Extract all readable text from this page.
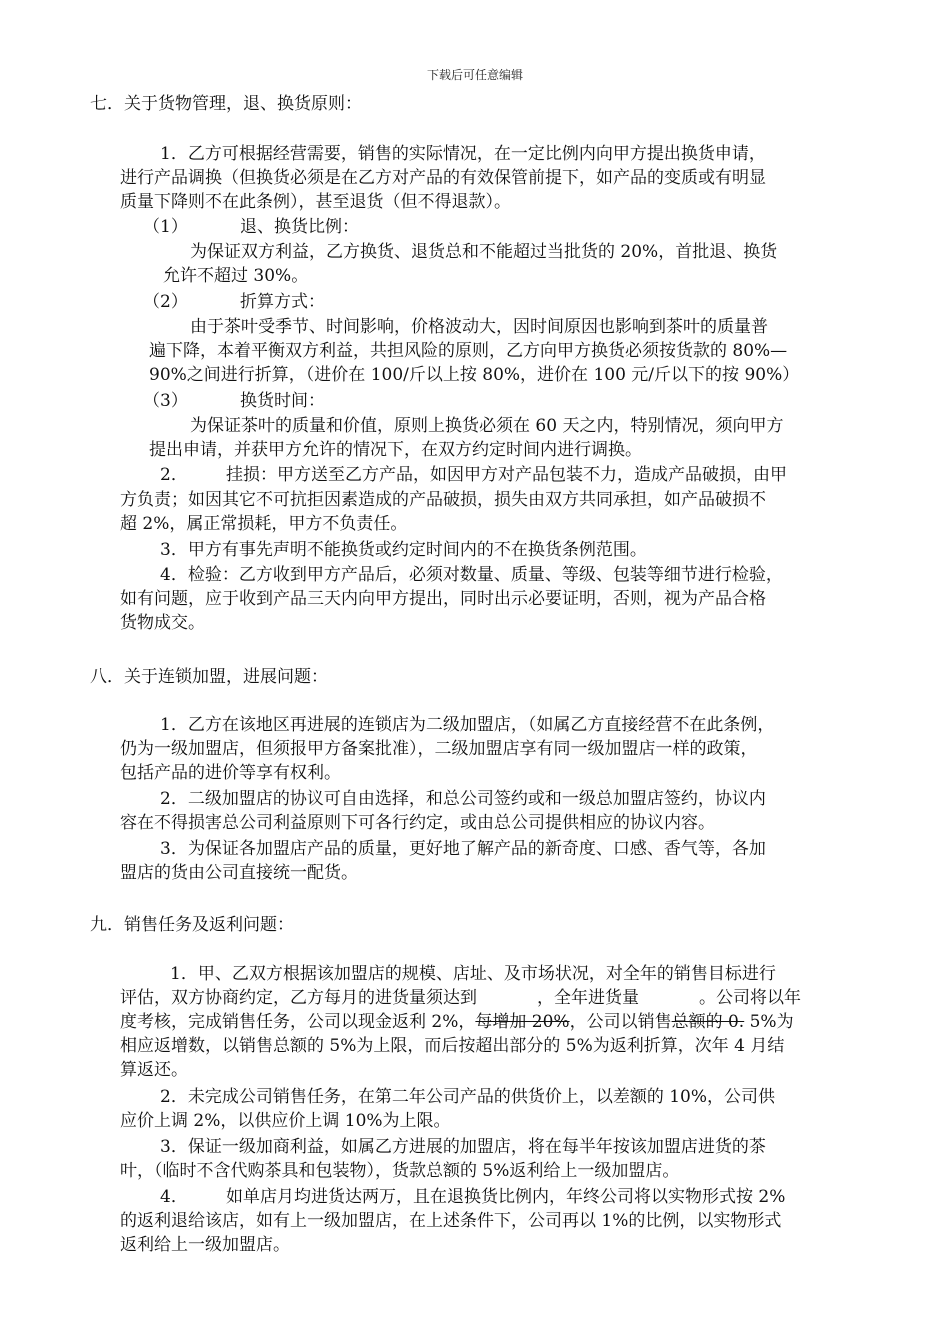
下载后可任意编辑
七．关于货物管理，退、换货原则：
1．乙方可根据经营需要，销售的实际情况，在一定比例内向甲方提出换货申请，
进行产品调换（但换货必须是在乙方对产品的有效保管前提下，如产品的变质或有明显
质量下降则不在此条例），甚至退货（但不得退款）。
（1）	退、换货比例：
为保证双方利益，乙方换货、退货总和不能超过当批货的 20%，首批退、换货
允许不超过 30%。
（2）	折算方式：
由于茶叶受季节、时间影响，价格波动大，因时间原因也影响到茶叶的质量普
遍下降，本着平衡双方利益，共担风险的原则，乙方向甲方换货必须按货款的 80%—
90%之间进行折算，（进价在 100/斤以上按 80%，进价在 100 元/斤以下的按 90%）
（3）	换货时间：
为保证茶叶的质量和价值，原则上换货必须在 60 天之内，特别情况，须向甲方
提出申请，并获甲方允许的情况下，在双方约定时间内进行调换。
2． 挂损：甲方送至乙方产品，如因甲方对产品包装不力，造成产品破损，由甲
方负责；如因其它不可抗拒因素造成的产品破损，损失由双方共同承担，如产品破损不
超 2%，属正常损耗，甲方不负责任。
3．甲方有事先声明不能换货或约定时间内的不在换货条例范围。
4．检验：乙方收到甲方产品后，必须对数量、质量、等级、包装等细节进行检验，
如有问题，应于收到产品三天内向甲方提出，同时出示必要证明，否则，视为产品合格
货物成交。
八．关于连锁加盟，进展问题：
1．乙方在该地区再进展的连锁店为二级加盟店，（如属乙方直接经营不在此条例，
仍为一级加盟店，但须报甲方备案批准），二级加盟店享有同一级加盟店一样的政策，
包括产品的进价等享有权利。
2．二级加盟店的协议可自由选择，和总公司签约或和一级总加盟店签约，协议内
容在不得损害总公司利益原则下可各行约定，或由总公司提供相应的协议内容。
3．为保证各加盟店产品的质量，更好地了解产品的新奇度、口感、香气等，各加
盟店的货由公司直接统一配货。
九．销售任务及返利问题：
1．甲、乙双方根据该加盟店的规模、店址、及市场状况，对全年的销售目标进行
评估，双方协商约定，乙方每月的进货量须达到	，全年进货量	。公司将以年
度考核，完成销售任务，公司以现金返利 2%，每增加 20%，公司以销售总额的 0. 5%为
相应返增数，以销售总额的 5%为上限，而后按超出部分的 5%为返利折算，次年 4 月结
算返还。
2．未完成公司销售任务，在第二年公司产品的供货价上，以差额的 10%，公司供
应价上调 2%，以供应价上调 10%为上限。
3．保证一级加商利益，如属乙方进展的加盟店，将在每半年按该加盟店进货的茶
叶，（临时不含代购茶具和包装物），货款总额的 5%返利给上一级加盟店。
4． 如单店月均进货达两万，且在退换货比例内，年终公司将以实物形式按 2%
的返利退给该店，如有上一级加盟店，在上述条件下，公司再以 1%的比例，以实物形式
返利给上一级加盟店。
